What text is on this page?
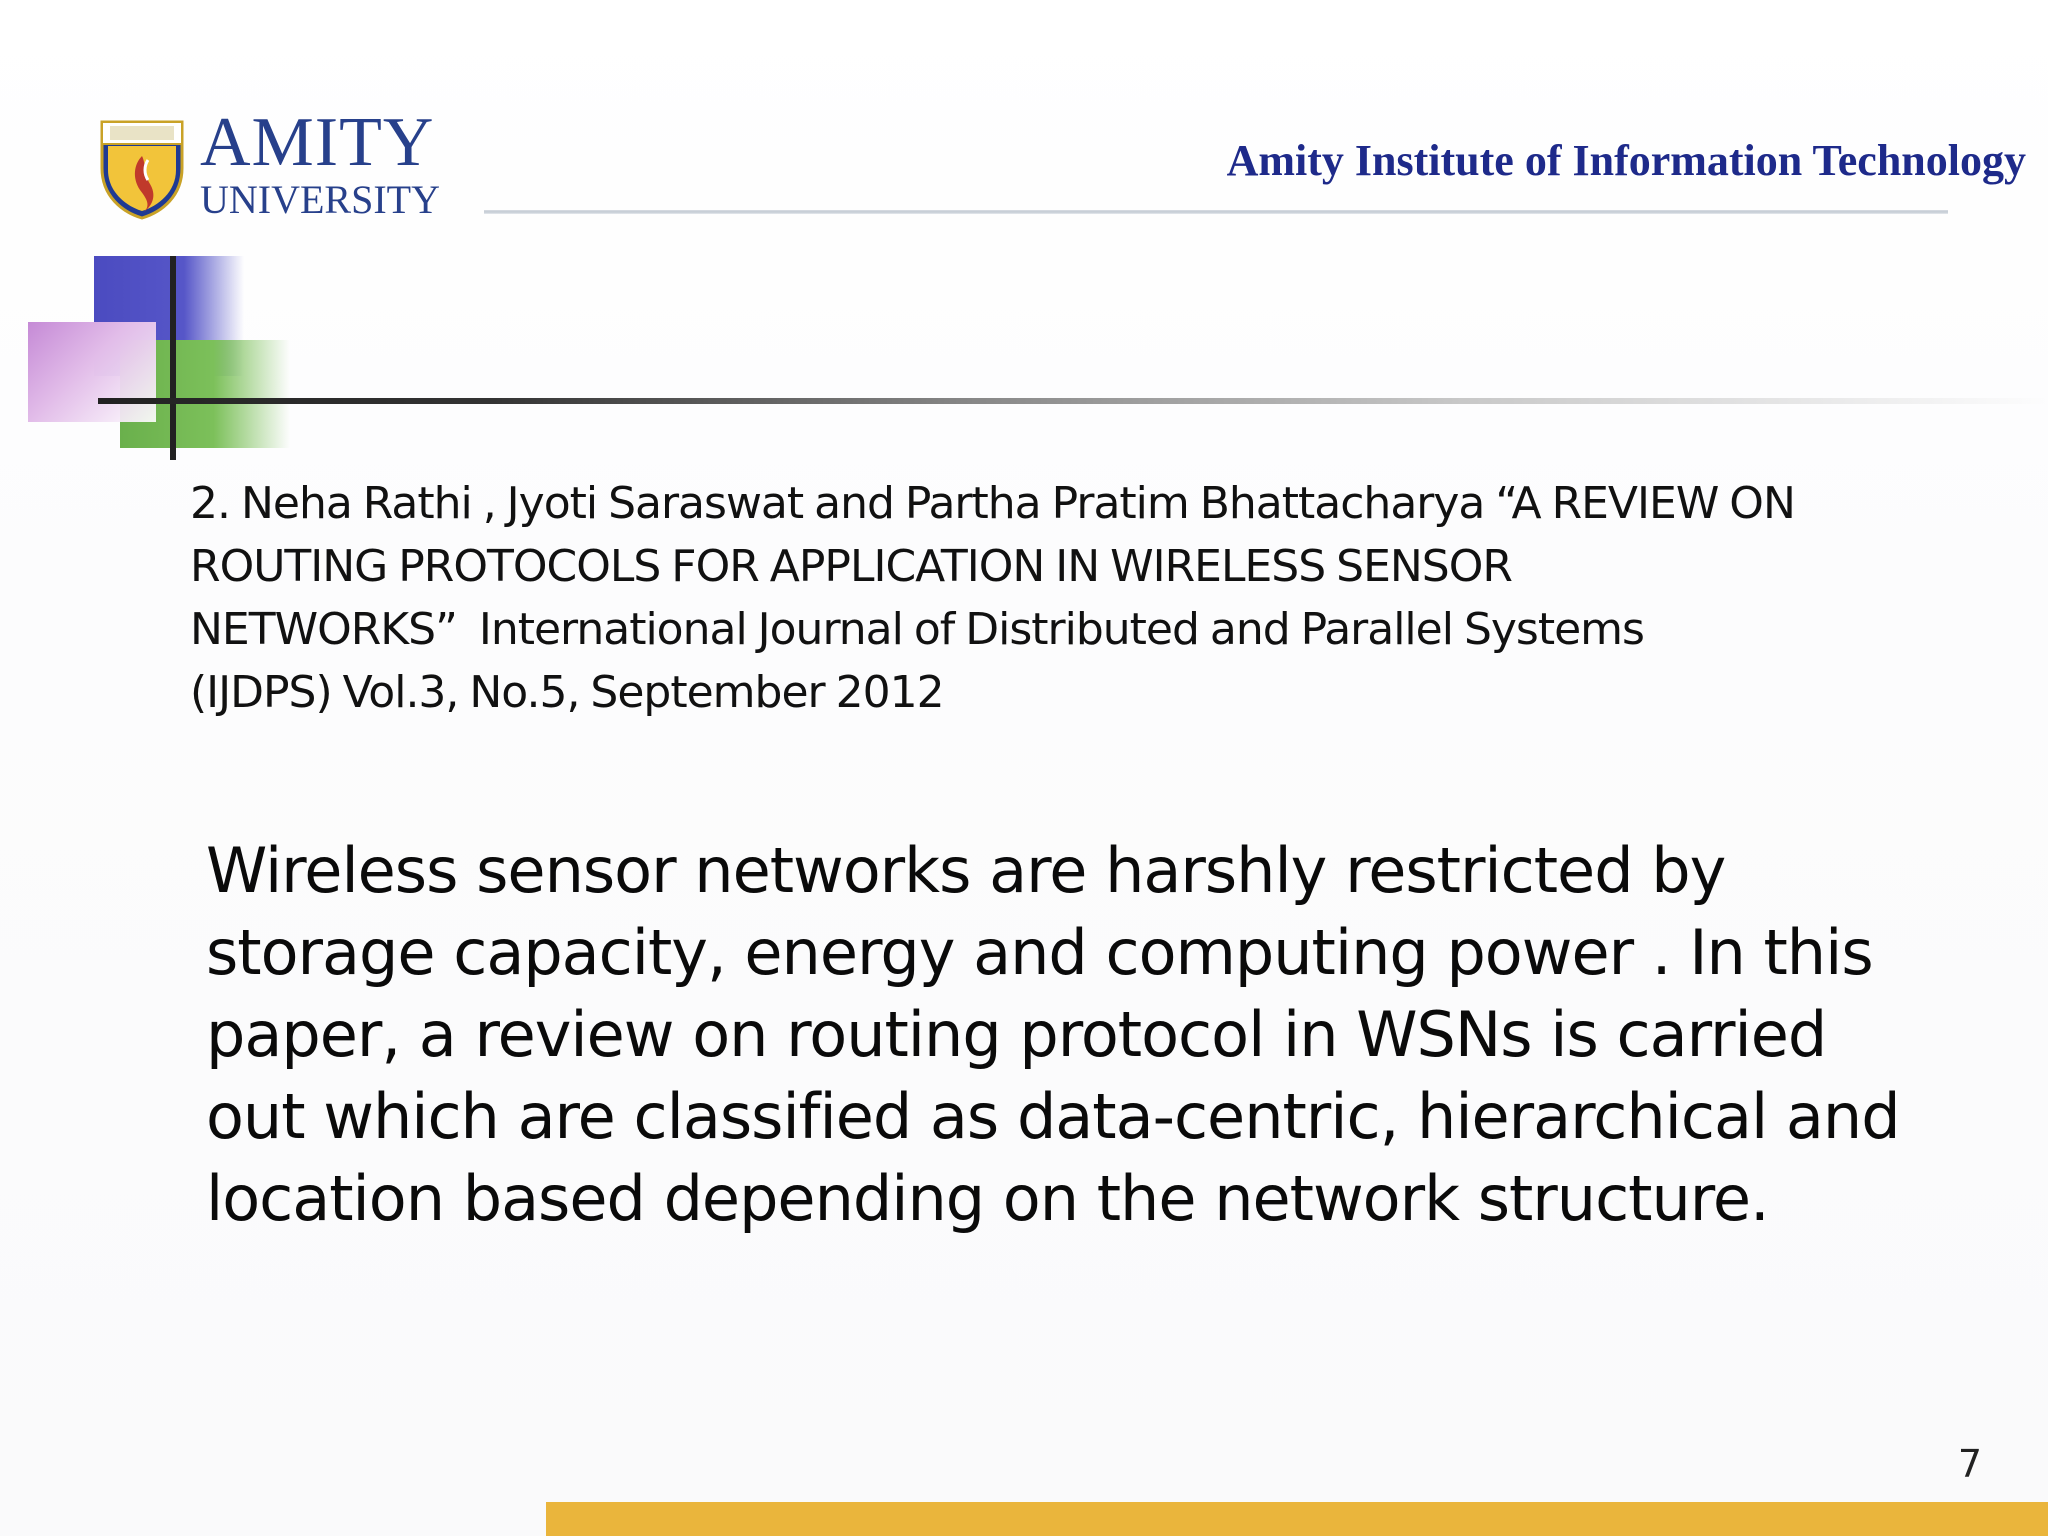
AMITY
UNIVERSITY
Amity Institute of Information Technology
2. Neha Rathi , Jyoti Saraswat and Partha Pratim Bhattacharya “A REVIEW ON
ROUTING PROTOCOLS FOR APPLICATION IN WIRELESS SENSOR
NETWORKS”  International Journal of Distributed and Parallel Systems
(IJDPS) Vol.3, No.5, September 2012
Wireless sensor networks are harshly restricted by
storage capacity, energy and computing power . In this
paper, a review on routing protocol in WSNs is carried
out which are classified as data-centric, hierarchical and
location based depending on the network structure.
7
